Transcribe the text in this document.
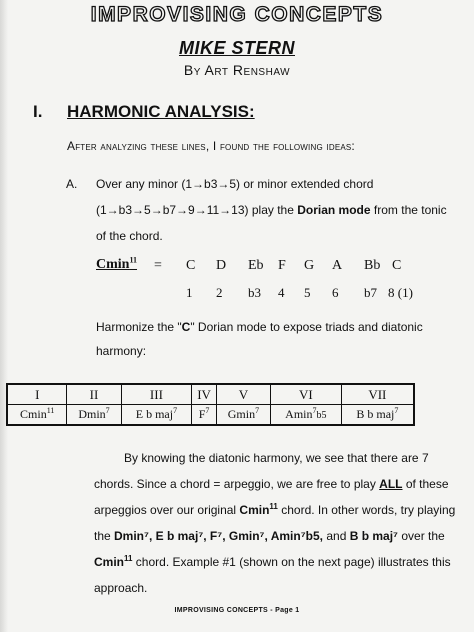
IMPROVISING CONCEPTS
MIKE STERN
By Art Renshaw
I. HARMONIC ANALYSIS:
After analyzing these lines, I found the following ideas:
A. Over any minor (1→b3→5) or minor extended chord
(1→b3→5→b7→9→11→13) play the Dorian mode from the tonic
of the chord.
Cmin$^{11}$ = C D Eb F G A Bb C
1 2 b3 4 5 6 b7 8 (1)
Harmonize the "C" Dorian mode to expose triads and diatonic
harmony:
I	II	III	IV	V	VI	VII
Cmin$^{11}$	Dmin$^7$	E b maj$^7$	$F^7$	Gmin$^7$	Amin$^7$b5	B b maj$^7$
By knowing the diatonic harmony, we see that there are 7
chords. Since a chord = arpeggio, we are free to play ALL of these
arpeggios over our original Cmin$^{11}$ chord. In other words, try playing
the Dmin⁷, E b maj⁷, F⁷, Gmin⁷, Amin⁷b5, and B b maj⁷ over the
Cmin$^{11}$ chord. Example #1 (shown on the next page) illustrates this
approach.
IMPROVISING CONCEPTS - Page 1
